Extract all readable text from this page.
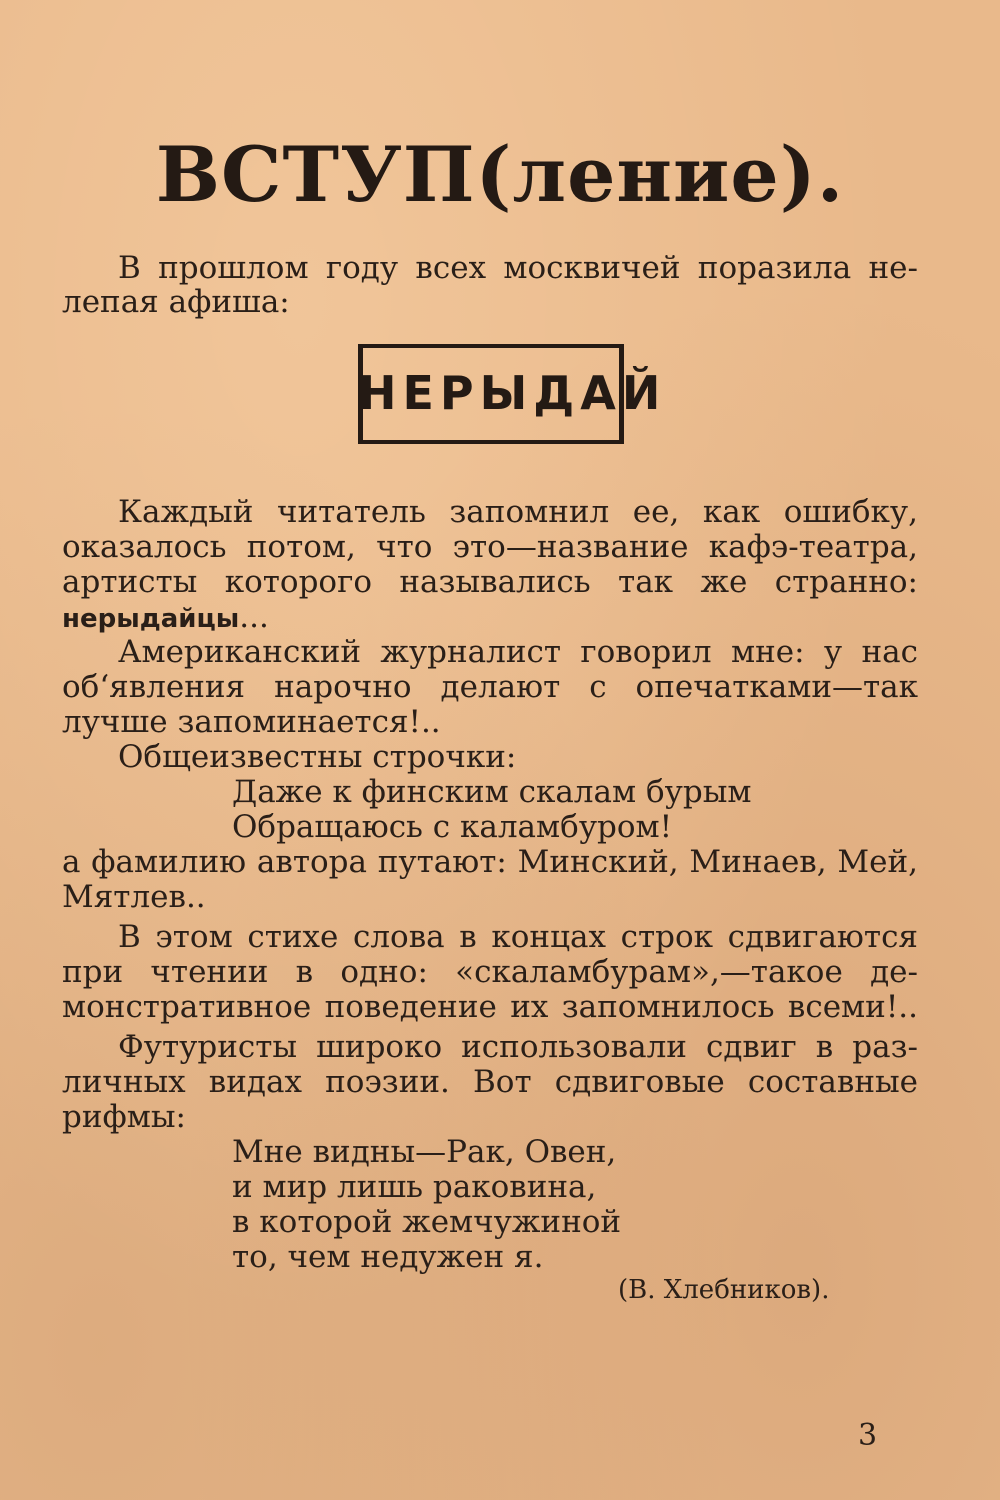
ВСТУП(ление).
В прошлом году всех москвичей поразила не-
лепая афиша:
НЕРЫДАЙ
Каждый читатель запомнил ее, как ошибку,
оказалось потом, что это—название кафэ-театра,
артисты которого назывались так же странно:
нерыдайцы...
Американский журналист говорил мне: у нас
об‘явления нарочно делают с опечатками—так
лучше запоминается!..
Общеизвестны строчки:
Даже к финским скалам бурым
Обращаюсь с каламбуром!
а фамилию автора путают: Минский, Минаев, Мей,
Мятлев..
В этом стихе слова в концах строк сдвигаются
при чтении в одно: «скаламбурам»,—такое де-
монстративное поведение их запомнилось всеми!..
Футуристы широко использовали сдвиг в раз-
личных видах поэзии. Вот сдвиговые составные
рифмы:
Мне видны—Рак, Овен,
и мир лишь раковина,
в которой жемчужиной
то, чем недужен я.
(В. Хлебников).
3
